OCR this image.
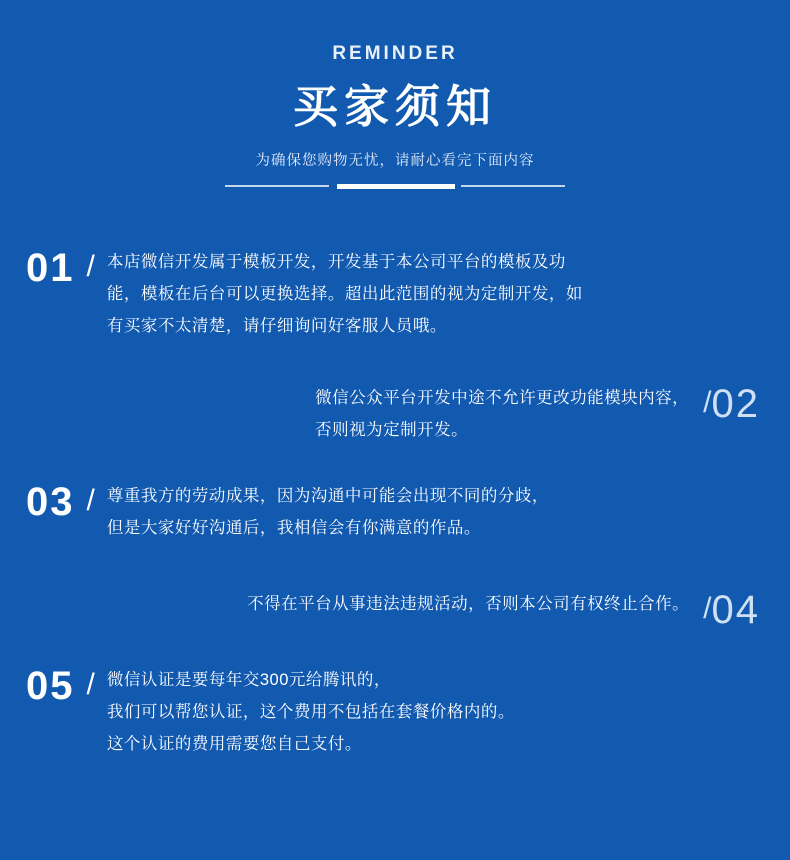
REMINDER
买家须知
为确保您购物无忧，请耐心看完下面内容
01 / 本店微信开发属于模板开发，开发基于本公司平台的模板及功
能，模板在后台可以更换选择。超出此范围的视为定制开发，如
有买家不太清楚，请仔细询问好客服人员哦。
微信公众平台开发中途不允许更改功能模块内容，
否则视为定制开发。
/ 02
03 / 尊重我方的劳动成果，因为沟通中可能会出现不同的分歧，
但是大家好好沟通后，我相信会有你满意的作品。
不得在平台从事违法违规活动，否则本公司有权终止合作。 / 04
05 / 微信认证是要每年交300元给腾讯的，
我们可以帮您认证，这个费用不包括在套餐价格内的。
这个认证的费用需要您自己支付。
